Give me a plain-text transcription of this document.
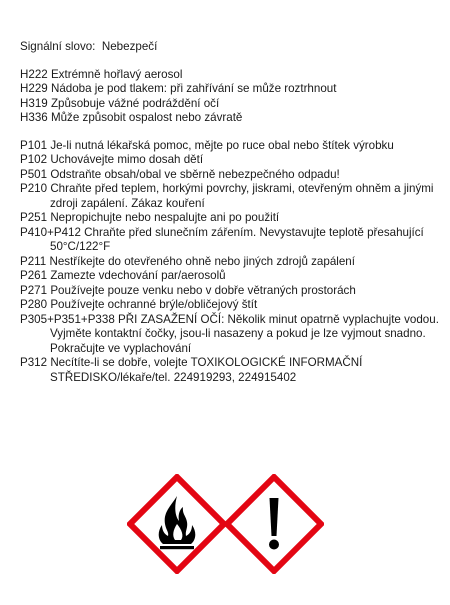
Signální slovo: Nebezpečí
H222 Extrémně hořlavý aerosol
H229 Nádoba je pod tlakem: při zahřívání se může roztrhnout
H319 Způsobuje vážné podráždění očí
H336 Může způsobit ospalost nebo závratě
P101 Je-li nutná lékařská pomoc, mějte po ruce obal nebo štítek výrobku
P102 Uchovávejte mimo dosah dětí
P501 Odstraňte obsah/obal ve sběrně nebezpečného odpadu!
P210 Chraňte před teplem, horkými povrchy, jiskrami, otevřeným ohněm a jinými zdroji zapálení. Zákaz kouření
P251 Nepropichujte nebo nespalujte ani po použití
P410+P412 Chraňte před slunečním zářením. Nevystavujte teplotě přesahující 50°C/122°F
P211 Nestříkejte do otevřeného ohně nebo jiných zdrojů zapálení
P261 Zamezte vdechování par/aerosolů
P271 Používejte pouze venku nebo v dobře větraných prostorách
P280 Používejte ochranné brýle/obličejový štít
P305+P351+P338 PŘI ZASAŽENÍ OČÍ: Několik minut opatrně vyplachujte vodou. Vyjměte kontaktní čočky, jsou-li nasazeny a pokud je lze vyjmout snadno. Pokračujte ve vyplachování
P312 Necítíte-li se dobře, volejte TOXIKOLOGICKÉ INFORMAČNÍ STŘEDISKO/lékaře/tel. 224919293, 224915402
